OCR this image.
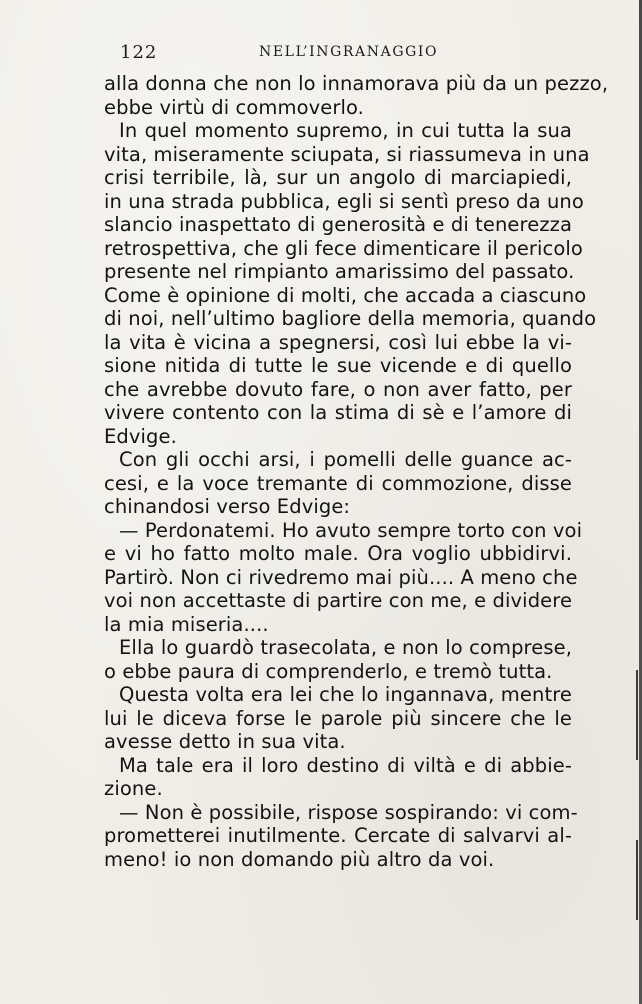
122	NELL’INGRANAGGIO
alla donna che non lo innamorava più da un pezzo,
ebbe virtù di commoverlo.
In quel momento supremo, in cui tutta la sua
vita, miseramente sciupata, si riassumeva in una
crisi terribile, là, sur un angolo di marciapiedi,
in una strada pubblica, egli si sentì preso da uno
slancio inaspettato di generosità e di tenerezza
retrospettiva, che gli fece dimenticare il pericolo
presente nel rimpianto amarissimo del passato.
Come è opinione di molti, che accada a ciascuno
di noi, nell’ultimo bagliore della memoria, quando
la vita è vicina a spegnersi, così lui ebbe la vi-
sione nitida di tutte le sue vicende e di quello
che avrebbe dovuto fare, o non aver fatto, per
vivere contento con la stima di sè e l’amore di
Edvige.
Con gli occhi arsi, i pomelli delle guance ac-
cesi, e la voce tremante di commozione, disse
chinandosi verso Edvige:
— Perdonatemi. Ho avuto sempre torto con voi
e vi ho fatto molto male. Ora voglio ubbidirvi.
Partirò. Non ci rivedremo mai più.... A meno che
voi non accettaste di partire con me, e dividere
la mia miseria....
Ella lo guardò trasecolata, e non lo comprese,
o ebbe paura di comprenderlo, e tremò tutta.
Questa volta era lei che lo ingannava, mentre
lui le diceva forse le parole più sincere che le
avesse detto in sua vita.
Ma tale era il loro destino di viltà e di abbie-
zione.
— Non è possibile, rispose sospirando: vi com-
prometterei inutilmente. Cercate di salvarvi al-
meno! io non domando più altro da voi.
